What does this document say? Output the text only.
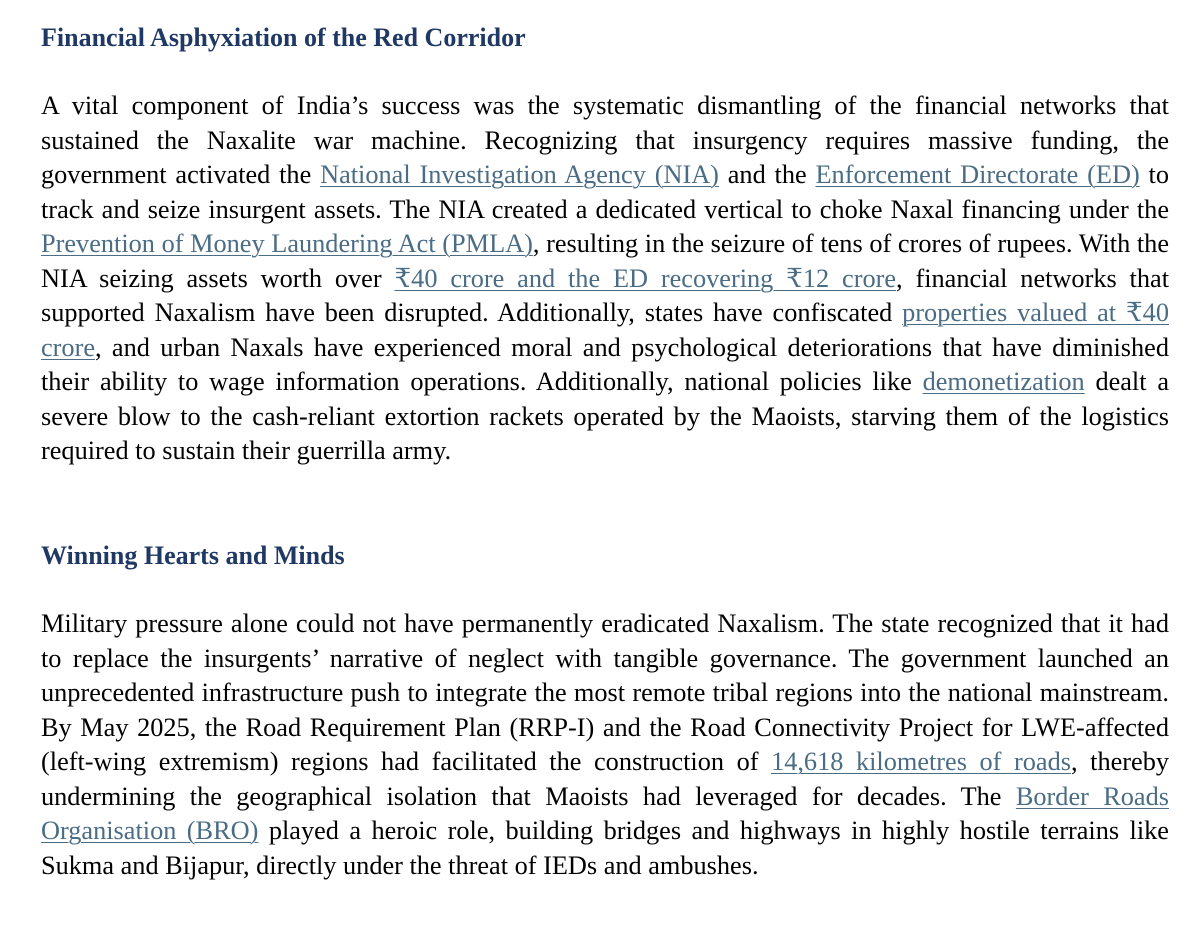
Financial Asphyxiation of the Red Corridor

A vital component of India’s success was the systematic dismantling of the financial networks that sustained the Naxalite war machine. Recognizing that insurgency requires massive funding, the government activated the National Investigation Agency (NIA) and the Enforcement Directorate (ED) to track and seize insurgent assets. The NIA created a dedicated vertical to choke Naxal financing under the Prevention of Money Laundering Act (PMLA), resulting in the seizure of tens of crores of rupees. With the NIA seizing assets worth over ₹40 crore and the ED recovering ₹12 crore, financial networks that supported Naxalism have been disrupted. Additionally, states have confiscated properties valued at ₹40 crore, and urban Naxals have experienced moral and psychological deteriorations that have diminished their ability to wage information operations. Additionally, national policies like demonetization dealt a severe blow to the cash-reliant extortion rackets operated by the Maoists, starving them of the logistics required to sustain their guerrilla army.

Winning Hearts and Minds

Military pressure alone could not have permanently eradicated Naxalism. The state recognized that it had to replace the insurgents’ narrative of neglect with tangible governance. The government launched an unprecedented infrastructure push to integrate the most remote tribal regions into the national mainstream. By May 2025, the Road Requirement Plan (RRP-I) and the Road Connectivity Project for LWE-affected (left-wing extremism) regions had facilitated the construction of 14,618 kilometres of roads, thereby undermining the geographical isolation that Maoists had leveraged for decades. The Border Roads Organisation (BRO) played a heroic role, building bridges and highways in highly hostile terrains like Sukma and Bijapur, directly under the threat of IEDs and ambushes.
